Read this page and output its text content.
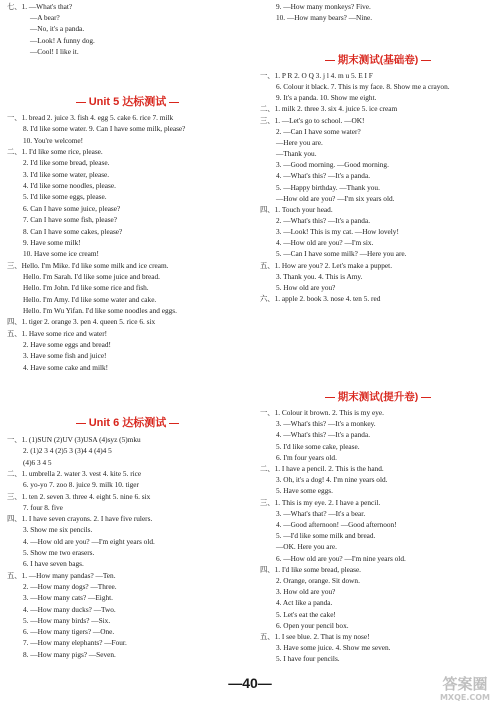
七、1. —What's that?
—A bear?
—No, it's a panda.
—Look! A funny dog.
—Cool! I like it.
Unit 5 达标测试
一、1. bread 2. juice 3. fish 4. egg 5. cake 6. rice 7. milk
8. I'd like some water. 9. Can I have some milk, please?
10. You're welcome!
二、1. I'd like some rice, please.
2. I'd like some bread, please.
3. I'd like some water, please.
4. I'd like some noodles, please.
5. I'd like some eggs, please.
6. Can I have some juice, please?
7. Can I have some fish, please?
8. Can I have some cakes, please?
9. Have some milk!
10. Have some ice cream!
三、Hello. I'm Mike. I'd like some milk and ice cream.
Hello. I'm Sarah. I'd like some juice and bread.
Hello. I'm John. I'd like some rice and fish.
Hello. I'm Amy. I'd like some water and cake.
Hello. I'm Wu Yifan. I'd like some noodles and eggs.
四、1. tiger 2. orange 3. pen 4. queen 5. rice 6. six
五、1. Have some rice and water!
2. Have some eggs and bread!
3. Have some fish and juice!
4. Have some cake and milk!
Unit 6 达标测试
一、1. (1)SUN (2)UV (3)USA (4)syz (5)mku
2. (1)2 3 4 (2)5 3 (3)4 4 (4)4 5
(4)6 3 4 5
二、1. umbrella 2. water 3. vest 4. kite 5. rice
6. yo-yo 7. zoo 8. juice 9. milk 10. tiger
三、1. ten 2. seven 3. three 4. eight 5. nine 6. six
7. four 8. five
四、1. I have seven crayons. 2. I have five rulers.
3. Show me six pencils.
4. —How old are you? —I'm eight years old.
5. Show me two erasers.
6. I have seven bags.
五、1. —How many pandas? —Ten.
2. —How many dogs? —Three.
3. —How many cats? —Eight.
4. —How many ducks? —Two.
5. —How many birds? —Six.
6. —How many tigers? —One.
7. —How many elephants? —Four.
8. —How many pigs? —Seven.
9. —How many monkeys? Five.
10. —How many bears? —Nine.
期末测试(基础卷)
一、1. P R 2. O Q 3. j l 4. m u 5. E I F
6. Colour it black. 7. This is my face. 8. Show me a crayon.
9. It's a panda. 10. Show me eight.
二、1. milk 2. three 3. six 4. juice 5. ice cream
三、1. —Let's go to school. —OK!
2. —Can I have some water?
—Here you are.
—Thank you.
3. —Good morning. —Good morning.
4. —What's this? —It's a panda.
5. —Happy birthday. —Thank you.
—How old are you? —I'm six years old.
四、1. Touch your head.
2. —What's this? —It's a panda.
3. —Look! This is my cat. —How lovely!
4. —How old are you? —I'm six.
5. —Can I have some milk? —Here you are.
五、1. How are you? 2. Let's make a puppet.
3. Thank you. 4. This is Amy.
5. How old are you?
六、1. apple 2. book 3. nose 4. ten 5. red
期末测试(提升卷)
一、1. Colour it brown. 2. This is my eye.
3. —What's this? —It's a monkey.
4. —What's this? —It's a panda.
5. I'd like some cake, please.
6. I'm four years old.
二、1. I have a pencil. 2. This is the hand.
3. Oh, it's a dog! 4. I'm nine years old.
5. Have some eggs.
三、1. This is my eye. 2. I have a pencil.
3. —What's that? —It's a bear.
4. —Good afternoon! —Good afternoon!
5. —I'd like some milk and bread.
—OK. Here you are.
6. —How old are you? —I'm nine years old.
四、1. I'd like some bread, please.
2. Orange, orange. Sit down.
3. How old are you?
4. Act like a panda.
5. Let's eat the cake!
6. Open your pencil box.
五、1. I see blue. 2. That is my nose!
3. Have some juice. 4. Show me seven.
5. I have four pencils.
—40—	答案圈
MXQE.COM
